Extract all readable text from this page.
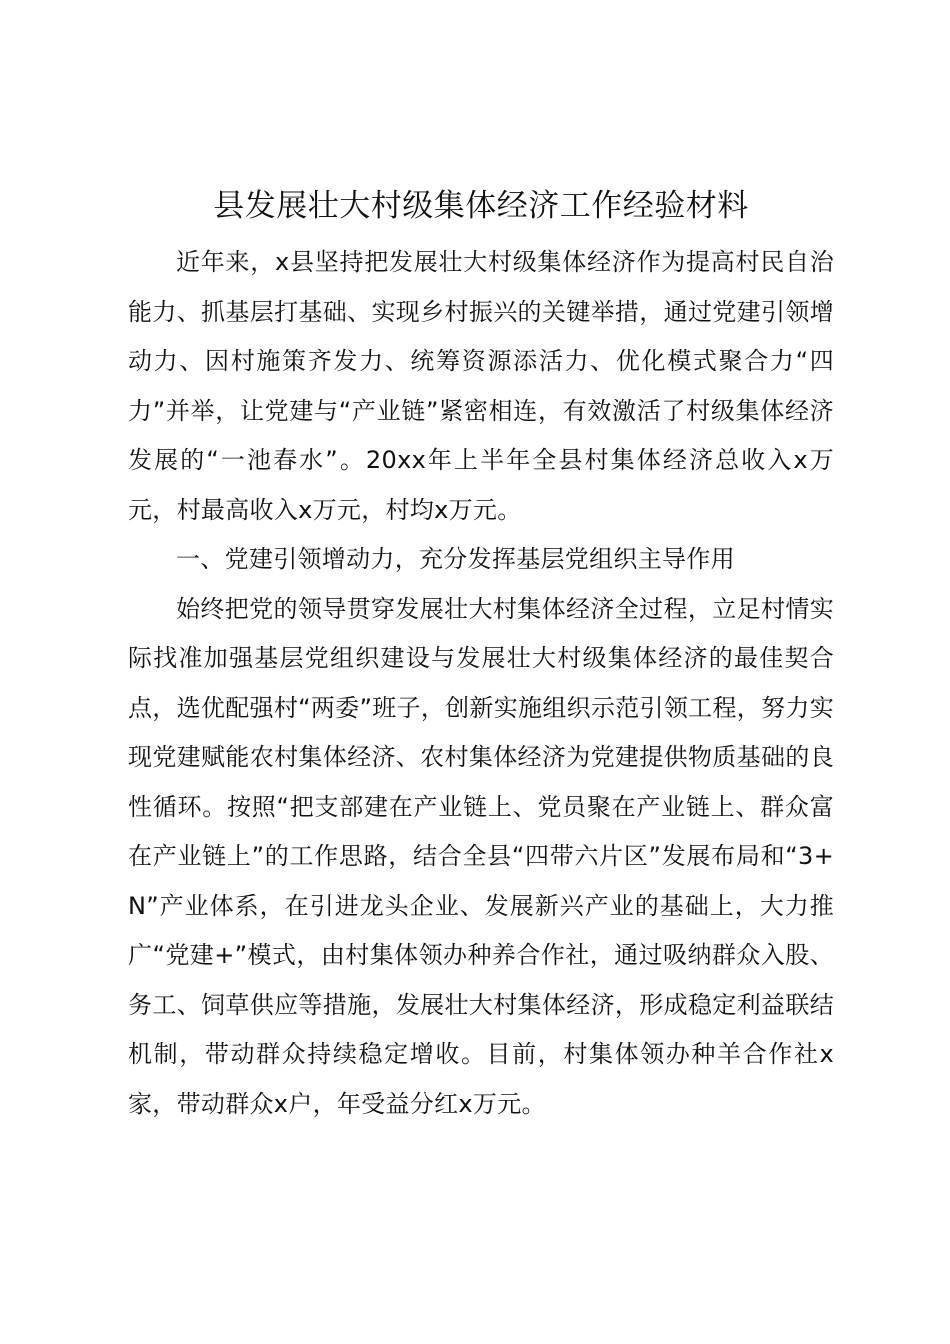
县发展壮大村级集体经济工作经验材料

近年来，x县坚持把发展壮大村级集体经济作为提高村民自治能力、抓基层打基础、实现乡村振兴的关键举措，通过党建引领增动力、因村施策齐发力、统筹资源添活力、优化模式聚合力“四力”并举，让党建与“产业链”紧密相连，有效激活了村级集体经济发展的“一池春水”。20xx年上半年全县村集体经济总收入x万元，村最高收入x万元，村均x万元。

一、党建引领增动力，充分发挥基层党组织主导作用

始终把党的领导贯穿发展壮大村集体经济全过程，立足村情实际找准加强基层党组织建设与发展壮大村级集体经济的最佳契合点，选优配强村“两委”班子，创新实施组织示范引领工程，努力实现党建赋能农村集体经济、农村集体经济为党建提供物质基础的良性循环。按照“把支部建在产业链上、党员聚在产业链上、群众富在产业链上”的工作思路，结合全县“四带六片区”发展布局和“3+N”产业体系，在引进龙头企业、发展新兴产业的基础上，大力推广“党建+”模式，由村集体领办种养合作社，通过吸纳群众入股、务工、饲草供应等措施，发展壮大村集体经济，形成稳定利益联结机制，带动群众持续稳定增收。目前，村集体领办种羊合作社x家，带动群众x户，年受益分红x万元。
